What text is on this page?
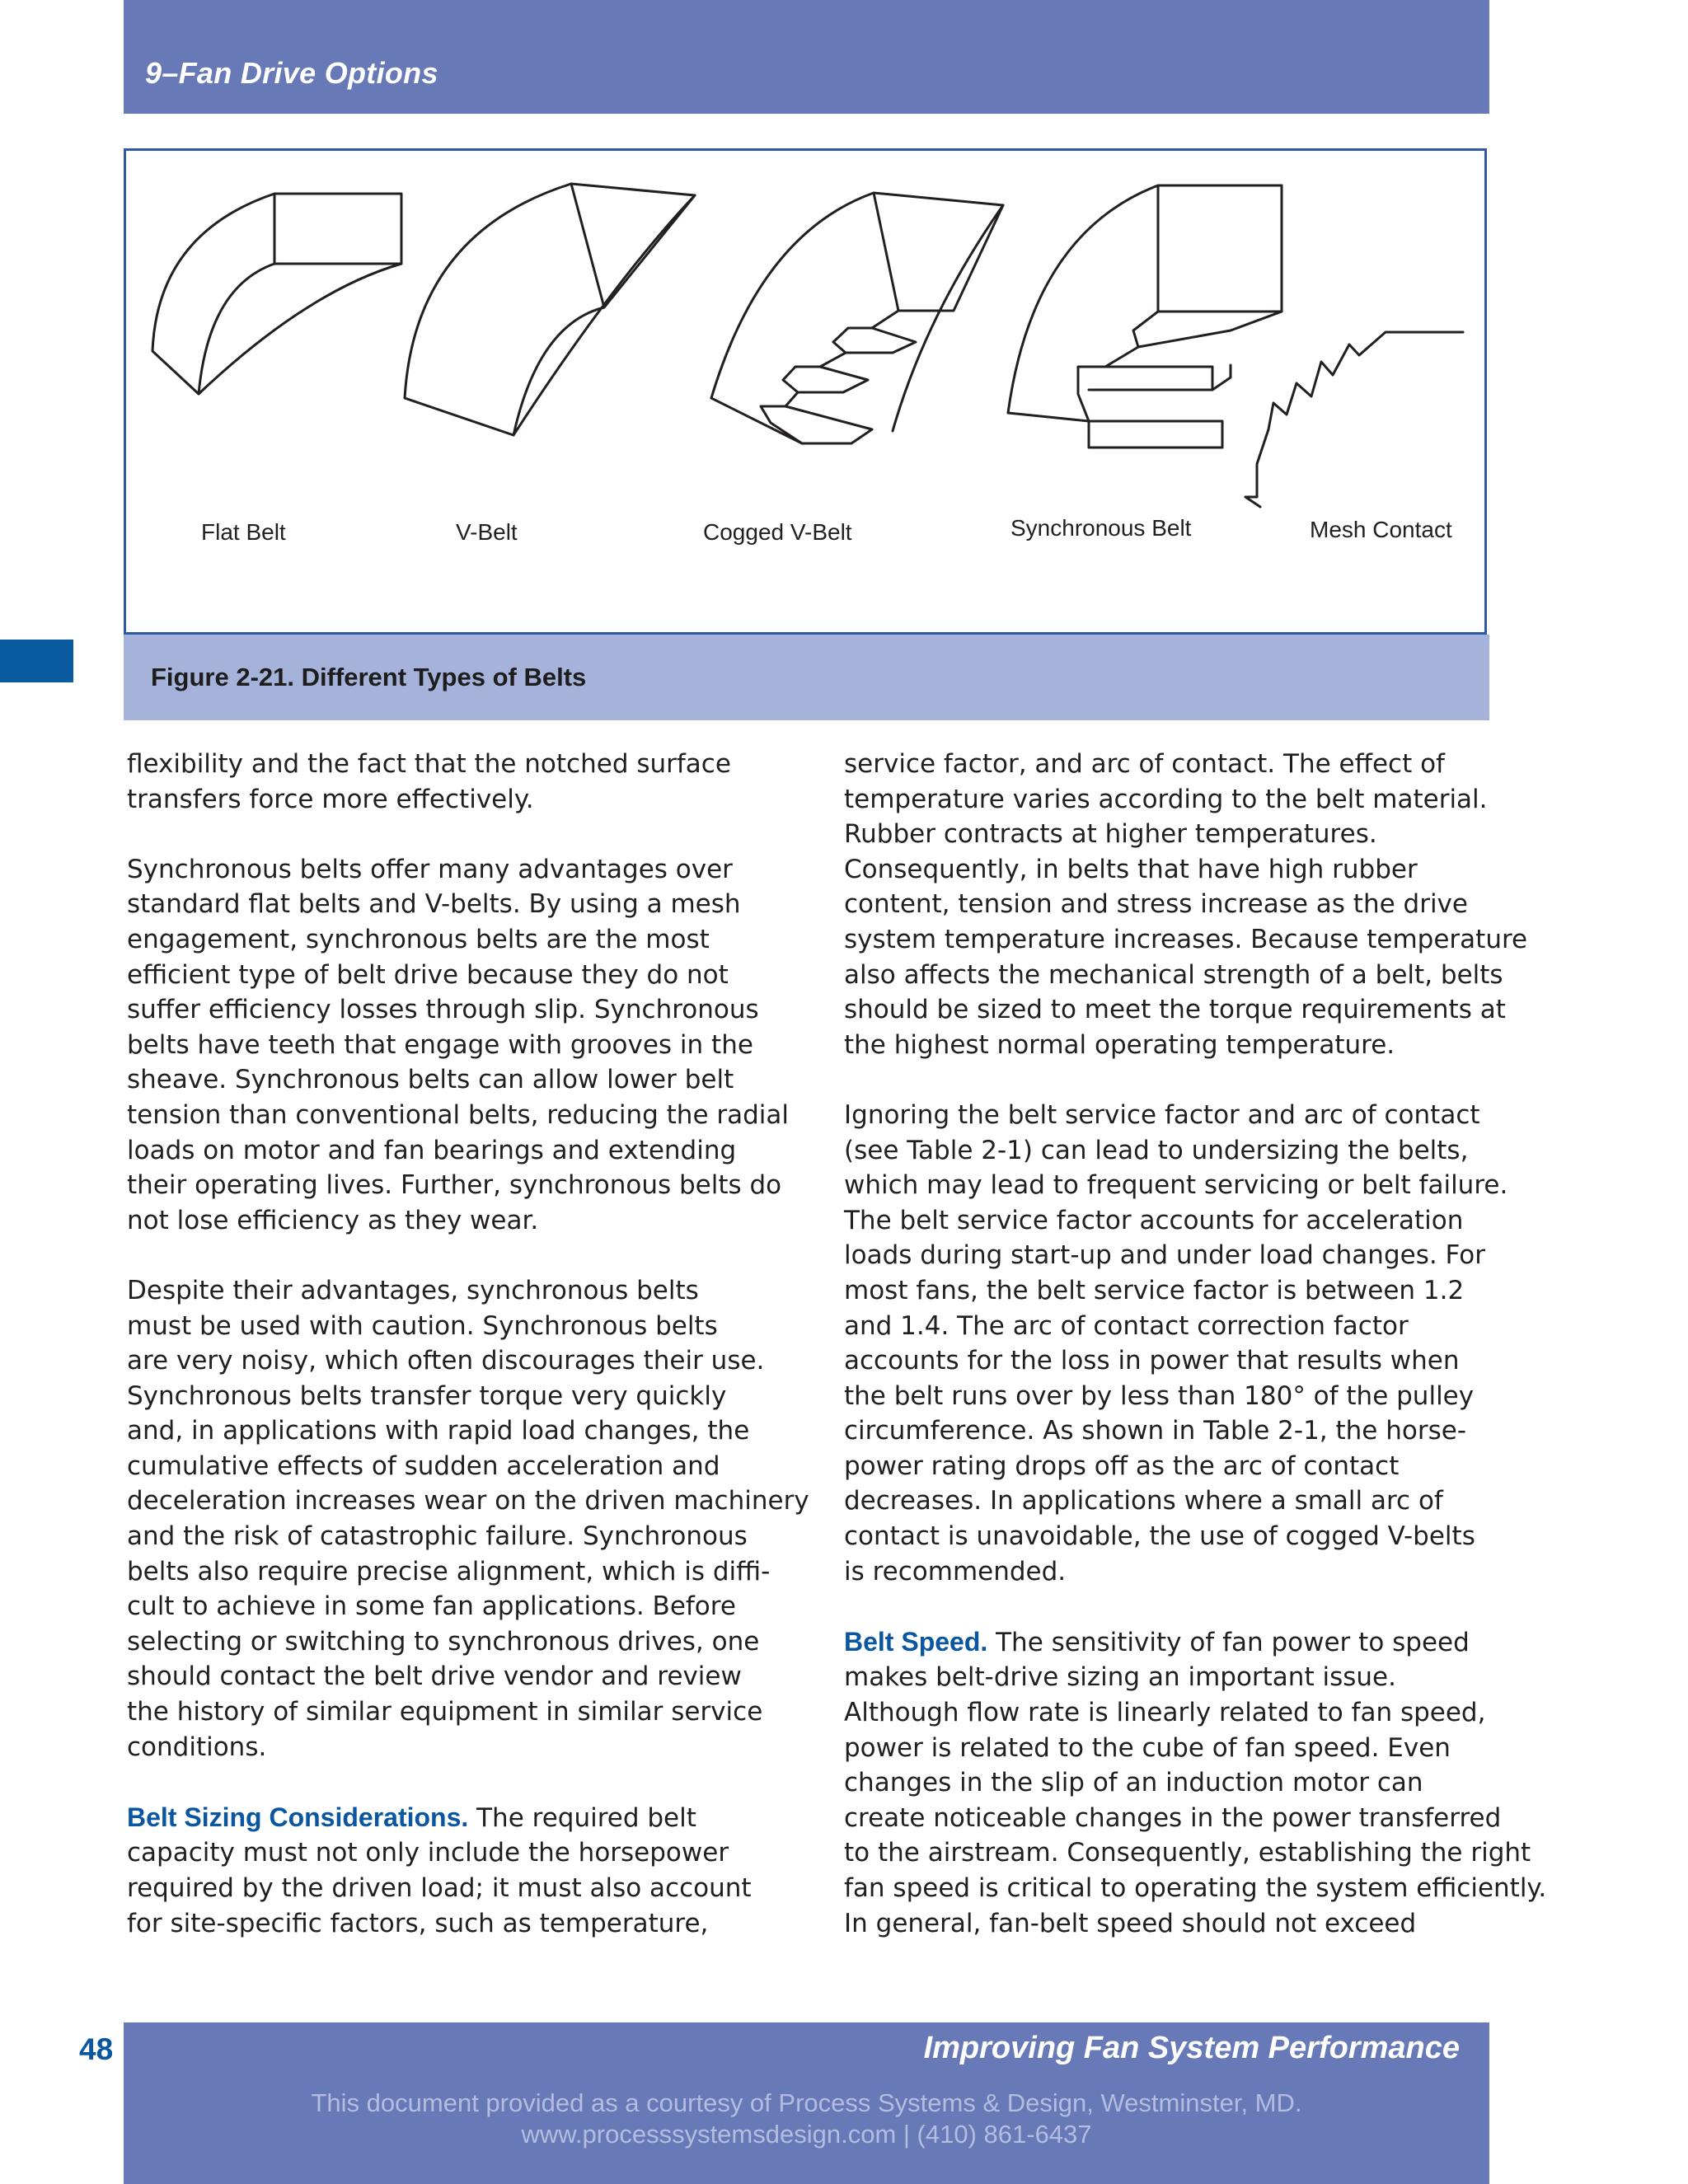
9–Fan Drive Options
Flat Belt	V-Belt	Cogged V-Belt	Synchronous Belt	Mesh Contact
Figure 2-21. Different Types of Belts

flexibility and the fact that the notched surface
transfers force more effectively.

Synchronous belts offer many advantages over
standard flat belts and V-belts. By using a mesh
engagement, synchronous belts are the most
efficient type of belt drive because they do not
suffer efficiency losses through slip. Synchronous
belts have teeth that engage with grooves in the
sheave. Synchronous belts can allow lower belt
tension than conventional belts, reducing the radial
loads on motor and fan bearings and extending
their operating lives. Further, synchronous belts do
not lose efficiency as they wear.

Despite their advantages, synchronous belts
must be used with caution. Synchronous belts
are very noisy, which often discourages their use.
Synchronous belts transfer torque very quickly
and, in applications with rapid load changes, the
cumulative effects of sudden acceleration and
deceleration increases wear on the driven machinery
and the risk of catastrophic failure. Synchronous
belts also require precise alignment, which is diffi-
cult to achieve in some fan applications. Before
selecting or switching to synchronous drives, one
should contact the belt drive vendor and review
the history of similar equipment in similar service
conditions.

Belt Sizing Considerations. The required belt
capacity must not only include the horsepower
required by the driven load; it must also account
for site-specific factors, such as temperature,

service factor, and arc of contact. The effect of
temperature varies according to the belt material.
Rubber contracts at higher temperatures.
Consequently, in belts that have high rubber
content, tension and stress increase as the drive
system temperature increases. Because temperature
also affects the mechanical strength of a belt, belts
should be sized to meet the torque requirements at
the highest normal operating temperature.

Ignoring the belt service factor and arc of contact
(see Table 2-1) can lead to undersizing the belts,
which may lead to frequent servicing or belt failure.
The belt service factor accounts for acceleration
loads during start-up and under load changes. For
most fans, the belt service factor is between 1.2
and 1.4. The arc of contact correction factor
accounts for the loss in power that results when
the belt runs over by less than 180° of the pulley
circumference. As shown in Table 2-1, the horse-
power rating drops off as the arc of contact
decreases. In applications where a small arc of
contact is unavoidable, the use of cogged V-belts
is recommended.

Belt Speed. The sensitivity of fan power to speed
makes belt-drive sizing an important issue.
Although flow rate is linearly related to fan speed,
power is related to the cube of fan speed. Even
changes in the slip of an induction motor can
create noticeable changes in the power transferred
to the airstream. Consequently, establishing the right
fan speed is critical to operating the system efficiently.
In general, fan-belt speed should not exceed

48	Improving Fan System Performance
This document provided as a courtesy of Process Systems & Design, Westminster, MD.
www.processsystemsdesign.com | (410) 861-6437
